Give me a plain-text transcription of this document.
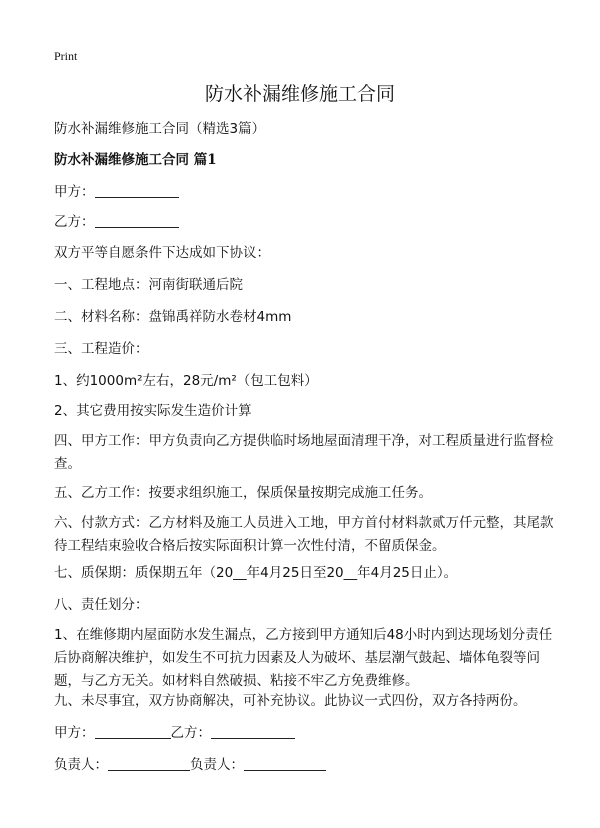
Print
防水补漏维修施工合同
防水补漏维修施工合同（精选3篇）
防水补漏维修施工合同 篇1
甲方：
乙方：
双方平等自愿条件下达成如下协议：
一、工程地点：河南街联通后院
二、材料名称：盘锦禹祥防水卷材4mm
三、工程造价：
1、约1000m²左右，28元/m²（包工包料）
2、其它费用按实际发生造价计算
四、甲方工作：甲方负责向乙方提供临时场地屋面清理干净，对工程质量进行监督检查。
五、乙方工作：按要求组织施工，保质保量按期完成施工任务。
六、付款方式：乙方材料及施工人员进入工地，甲方首付材料款贰万仟元整，其尾款待工程结束验收合格后按实际面积计算一次性付清，不留质保金。
七、质保期：质保期五年（20__年4月25日至20__年4月25日止）。
八、责任划分：
1、在维修期内屋面防水发生漏点，乙方接到甲方通知后48小时内到达现场划分责任后协商解决维护，如发生不可抗力因素及人为破坏、基层潮气鼓起、墙体龟裂等问题，与乙方无关。如材料自然破损、粘接不牢乙方免费维修。
九、未尽事宜，双方协商解决，可补充协议。此协议一式四份，双方各持两份。
甲方：	乙方：
负责人：	负责人：
